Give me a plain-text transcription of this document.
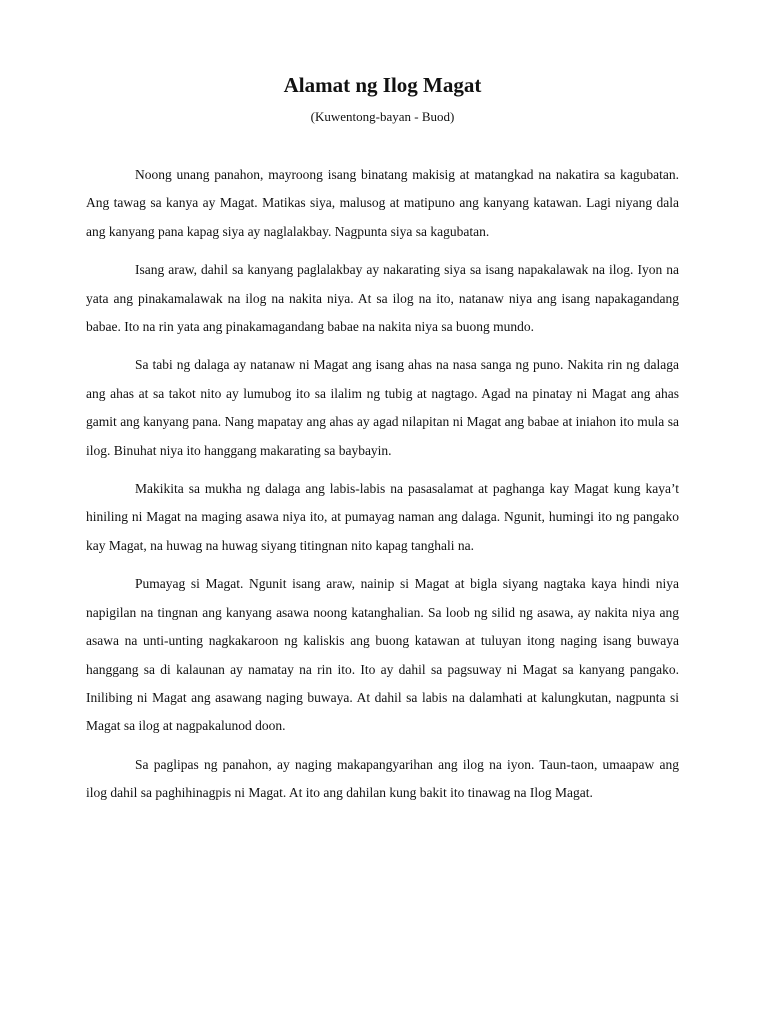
Alamat ng Ilog Magat

(Kuwentong-bayan - Buod)

Noong unang panahon, mayroong isang binatang makisig at matangkad na nakatira sa kagubatan. Ang tawag sa kanya ay Magat. Matikas siya, malusog at matipuno ang kanyang katawan. Lagi niyang dala ang kanyang pana kapag siya ay naglalakbay. Nagpunta siya sa kagubatan.

Isang araw, dahil sa kanyang paglalakbay ay nakarating siya sa isang napakalawak na ilog. Iyon na yata ang pinakamalawak na ilog na nakita niya. At sa ilog na ito, natanaw niya ang isang napakagandang babae. Ito na rin yata ang pinakamagandang babae na nakita niya sa buong mundo.

Sa tabi ng dalaga ay natanaw ni Magat ang isang ahas na nasa sanga ng puno. Nakita rin ng dalaga ang ahas at sa takot nito ay lumubog ito sa ilalim ng tubig at nagtago. Agad na pinatay ni Magat ang ahas gamit ang kanyang pana. Nang mapatay ang ahas ay agad nilapitan ni Magat ang babae at iniahon ito mula sa ilog. Binuhat niya ito hanggang makarating sa baybayin.

Makikita sa mukha ng dalaga ang labis-labis na pasasalamat at paghanga kay Magat kung kaya’t hiniling ni Magat na maging asawa niya ito, at pumayag naman ang dalaga. Ngunit, humingi ito ng pangako kay Magat, na huwag na huwag siyang titingnan nito kapag tanghali na.

Pumayag si Magat. Ngunit isang araw, nainip si Magat at bigla siyang nagtaka kaya hindi niya napigilan na tingnan ang kanyang asawa noong katanghalian. Sa loob ng silid ng asawa, ay nakita niya ang asawa na unti-unting nagkakaroon ng kaliskis ang buong katawan at tuluyan itong naging isang buwaya hanggang sa di kalaunan ay namatay na rin ito. Ito ay dahil sa pagsuway ni Magat sa kanyang pangako. Inilibing ni Magat ang asawang naging buwaya. At dahil sa labis na dalamhati at kalungkutan, nagpunta si Magat sa ilog at nagpakalunod doon.

Sa paglipas ng panahon, ay naging makapangyarihan ang ilog na iyon. Taun-taon, umaapaw ang ilog dahil sa paghihinagpis ni Magat. At ito ang dahilan kung bakit ito tinawag na Ilog Magat.
